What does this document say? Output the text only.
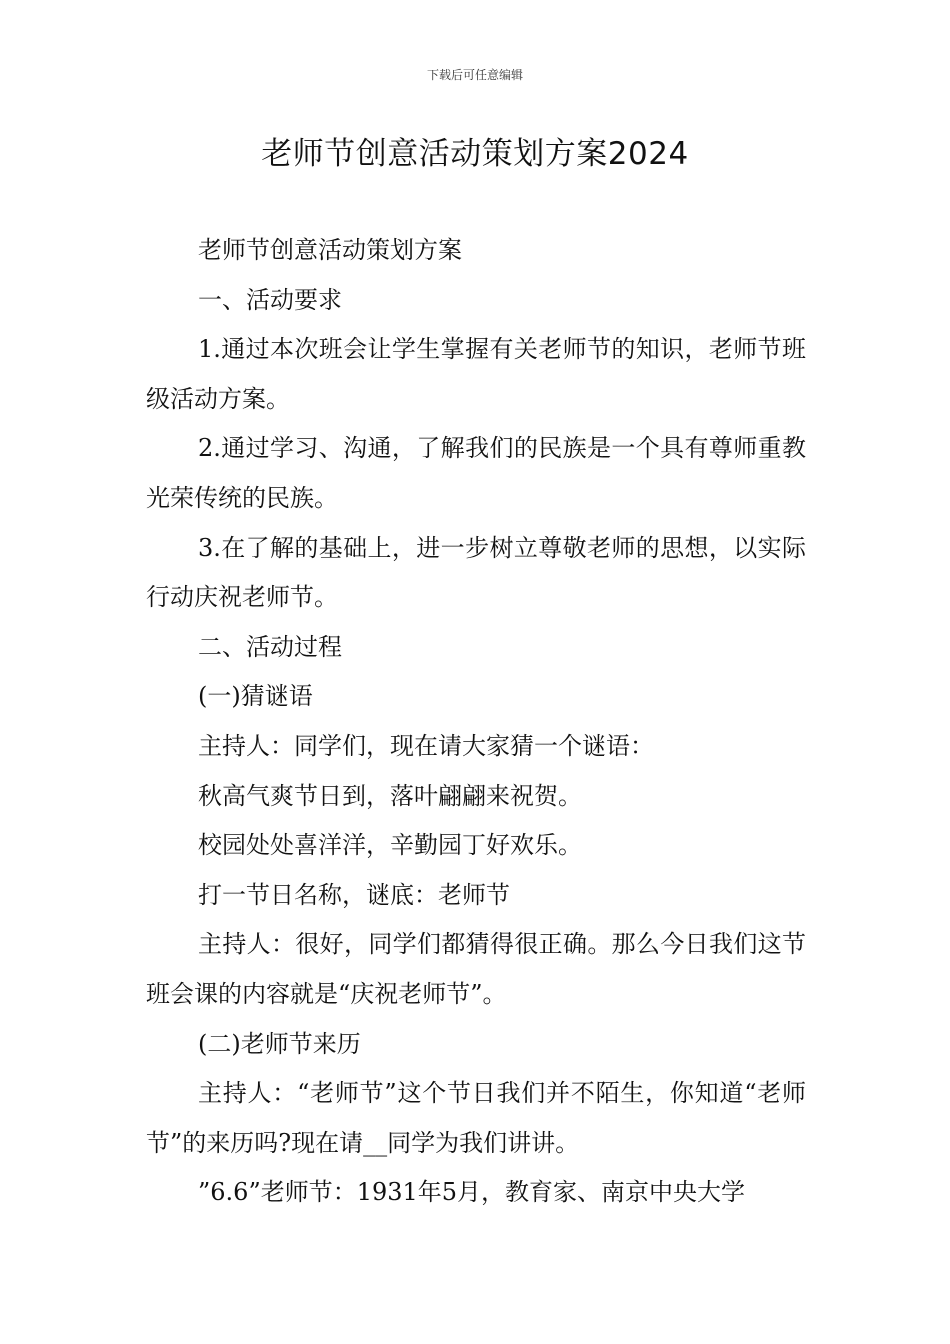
下载后可任意编辑
老师节创意活动策划方案2024

老师节创意活动策划方案

一、活动要求

1.通过本次班会让学生掌握有关老师节的知识，老师节班级活动方案。

2.通过学习、沟通，了解我们的民族是一个具有尊师重教光荣传统的民族。

3.在了解的基础上，进一步树立尊敬老师的思想，以实际行动庆祝老师节。

二、活动过程

(一)猜谜语

主持人：同学们，现在请大家猜一个谜语：

秋高气爽节日到，落叶翩翩来祝贺。

校园处处喜洋洋，辛勤园丁好欢乐。

打一节日名称，谜底：老师节

主持人：很好，同学们都猜得很正确。那么今日我们这节班会课的内容就是“庆祝老师节”。

(二)老师节来历

主持人：“老师节”这个节日我们并不陌生，你知道“老师节”的来历吗?现在请__同学为我们讲讲。

”6.6”老师节：1931年5月，教育家、南京中央大学
